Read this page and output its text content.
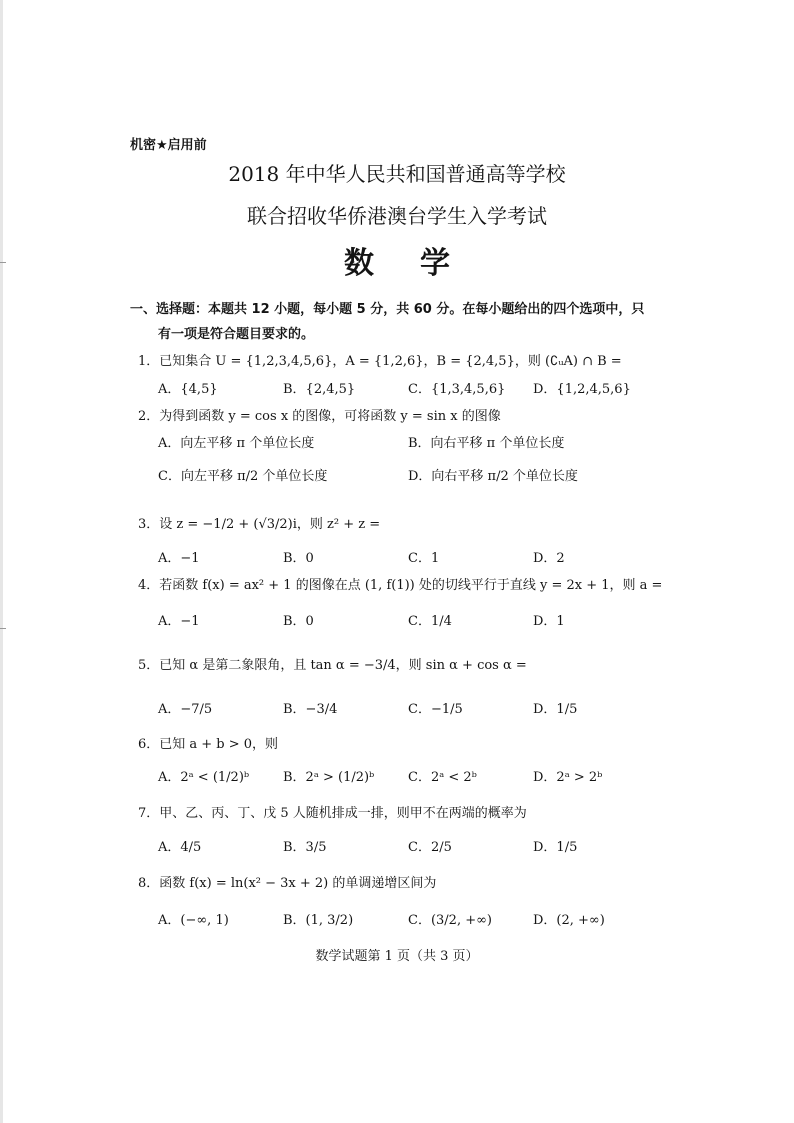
机密★启用前
2018 年中华人民共和国普通高等学校
联合招收华侨港澳台学生入学考试
数学
一、选择题：本题共 12 小题，每小题 5 分，共 60 分。在每小题给出的四个选项中，只
有一项是符合题目要求的。
1．已知集合 U = {1,2,3,4,5,6}，A = {1,2,6}，B = {2,4,5}，则 (∁ᵤA) ∩ B =
A．{4,5}	B．{2,4,5}	C．{1,3,4,5,6} D．{1,2,4,5,6}
2．为得到函数 y = cos x 的图像，可将函数 y = sin x 的图像
A．向左平移 π 个单位长度	B．向右平移 π 个单位长度
C．向左平移 π/2 个单位长度	D．向右平移 π/2 个单位长度
3．设 z = −1/2 + (√3/2)i，则 z² + z =
A．−1	B．0	C．1	D．2
4．若函数 f(x) = ax² + 1 的图像在点 (1, f(1)) 处的切线平行于直线 y = 2x + 1，则 a =
A．−1	B．0	C．1/4	D．1
5．已知 α 是第二象限角，且 tan α = −3/4，则 sin α + cos α =
A．−7/5	B．−3/4	C．−1/5	D．1/5
6．已知 a + b > 0，则
A．2ᵃ < (1/2)ᵇ	B．2ᵃ > (1/2)ᵇ	C．2ᵃ < 2ᵇ	D．2ᵃ > 2ᵇ
7．甲、乙、丙、丁、戊 5 人随机排成一排，则甲不在两端的概率为
A．4/5	B．3/5	C．2/5	D．1/5
8．函数 f(x) = ln(x² − 3x + 2) 的单调递增区间为
A．(−∞, 1)	B．(1, 3/2)	C．(3/2, +∞)	D．(2, +∞)
数学试题第 1 页（共 3 页）
